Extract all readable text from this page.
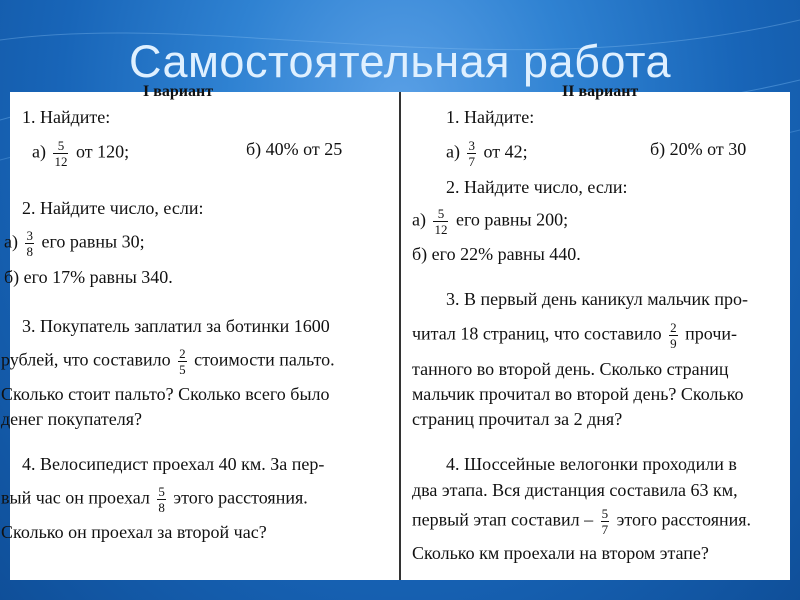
Самостоятельная работа
I вариант
1. Найдите:
$а) \frac{5}{12}$ от 120;	б) 40% от 25
2. Найдите число, если:
$а) \frac{3}{8}$ его равны 30;
б) его 17% равны 340.
3. Покупатель заплатил за ботинки 1600
рублей, что составило $\frac{2}{5}$ стоимости пальто.
Сколько стоит пальто? Сколько всего было
денег покупателя?
4. Велосипедист проехал 40 км. За пер-
вый час он проехал $\frac{5}{8}$ этого расстояния.
Сколько он проехал за второй час?
II вариант
1. Найдите:
$а) \frac{3}{7}$ от 42;	б) 20% от 30
2. Найдите число, если:
$а) \frac{5}{12}$ его равны 200;
б) его 22% равны 440.
3. В первый день каникул мальчик про-
читал 18 страниц, что составило $\frac{2}{9}$ прочи-
танного во второй день. Сколько страниц
мальчик прочитал во второй день? Сколько
страниц прочитал за 2 дня?
4. Шоссейные велогонки проходили в
два этапа. Вся дистанция составила 63 км,
первый этап составил – $\frac{5}{7}$ этого расстояния.
Сколько км проехали на втором этапе?
